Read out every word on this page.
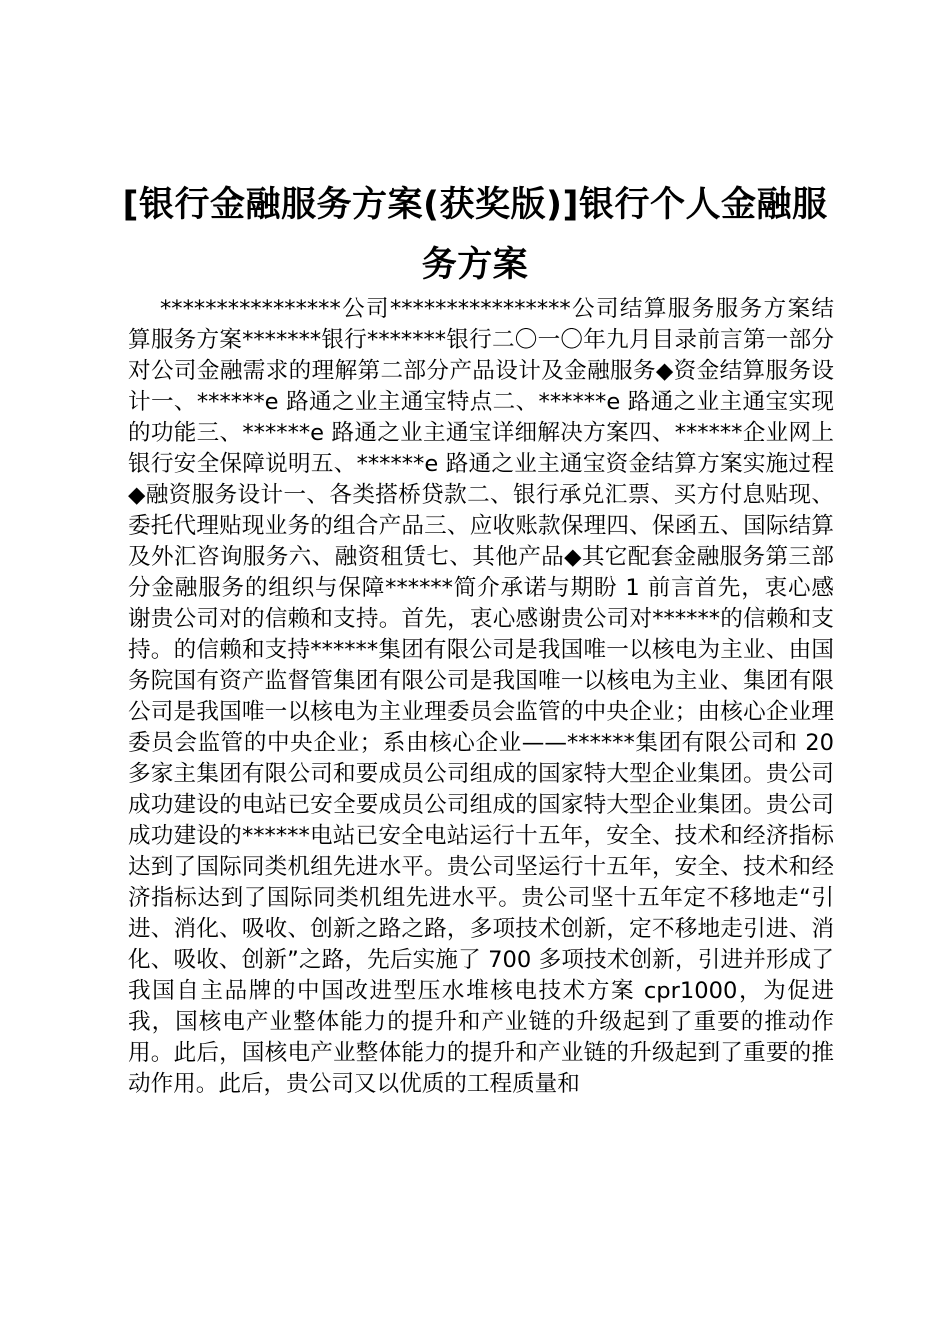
[银行金融服务方案(获奖版)]银行个人金融服务方案

****************公司****************公司结算服务服务方案结算服务方案*******银行*******银行二〇一〇年九月目录前言第一部分对公司金融需求的理解第二部分产品设计及金融服务◆资金结算服务设计一、******e 路通之业主通宝特点二、******e 路通之业主通宝实现的功能三、******e 路通之业主通宝详细解决方案四、******企业网上银行安全保障说明五、******e 路通之业主通宝资金结算方案实施过程◆融资服务设计一、各类搭桥贷款二、银行承兑汇票、买方付息贴现、委托代理贴现业务的组合产品三、应收账款保理四、保函五、国际结算及外汇咨询服务六、融资租赁七、其他产品◆其它配套金融服务第三部分金融服务的组织与保障******简介承诺与期盼 1 前言首先，衷心感谢贵公司对的信赖和支持。首先，衷心感谢贵公司对******的信赖和支持。的信赖和支持******集团有限公司是我国唯一以核电为主业、由国务院国有资产监督管集团有限公司是我国唯一以核电为主业、集团有限公司是我国唯一以核电为主业理委员会监管的中央企业；由核心企业理委员会监管的中央企业；系由核心企业——******集团有限公司和 20 多家主集团有限公司和要成员公司组成的国家特大型企业集团。贵公司成功建设的电站已安全要成员公司组成的国家特大型企业集团。贵公司成功建设的******电站已安全电站运行十五年，安全、技术和经济指标达到了国际同类机组先进水平。贵公司坚运行十五年，安全、技术和经济指标达到了国际同类机组先进水平。贵公司坚十五年定不移地走“引进、消化、吸收、创新之路之路，多项技术创新，定不移地走引进、消化、吸收、创新”之路，先后实施了 700 多项技术创新，引进并形成了我国自主品牌的中国改进型压水堆核电技术方案 cpr1000，为促进我，国核电产业整体能力的提升和产业链的升级起到了重要的推动作用。此后，国核电产业整体能力的提升和产业链的升级起到了重要的推动作用。此后，贵公司又以优质的工程质量和
